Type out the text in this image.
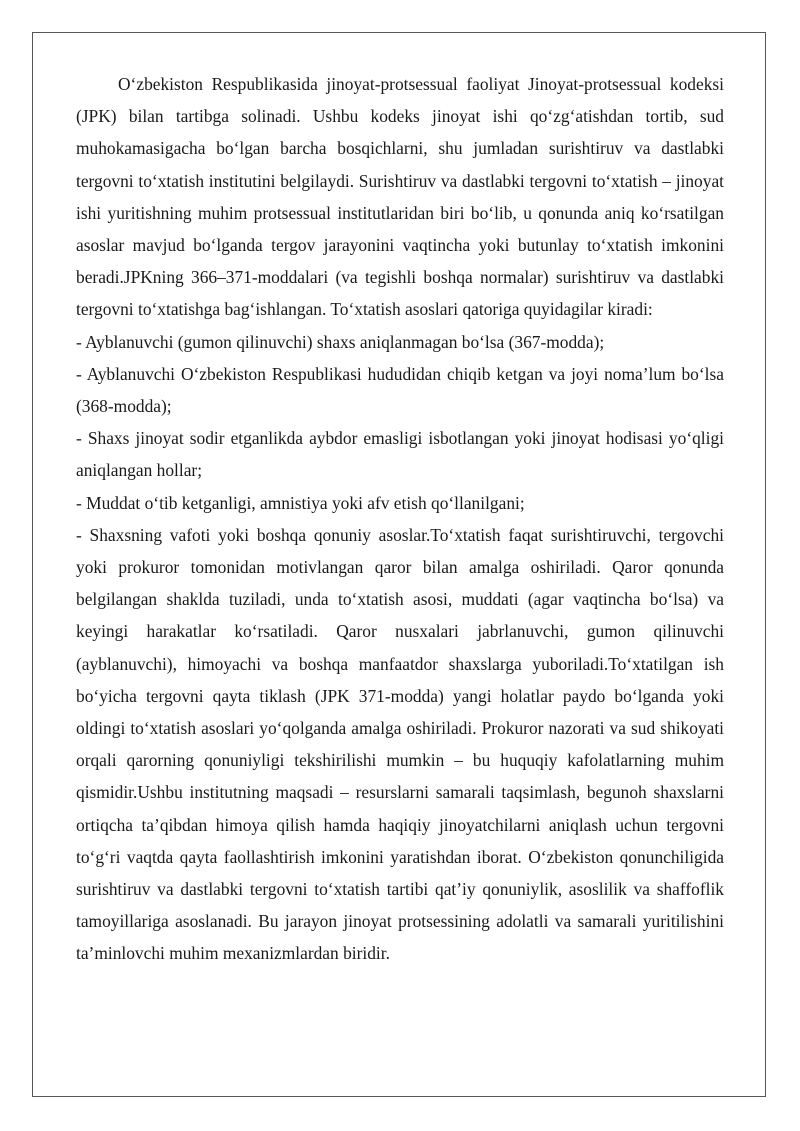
O‘zbekiston Respublikasida jinoyat-protsessual faoliyat Jinoyat-protsessual kodeksi (JPK) bilan tartibga solinadi. Ushbu kodeks jinoyat ishi qo‘zg‘atishdan tortib, sud muhokamasigacha bo‘lgan barcha bosqichlarni, shu jumladan surishtiruv va dastlabki tergovni to‘xtatish institutini belgilaydi. Surishtiruv va dastlabki tergovni to‘xtatish – jinoyat ishi yuritishning muhim protsessual institutlaridan biri bo‘lib, u qonunda aniq ko‘rsatilgan asoslar mavjud bo‘lganda tergov jarayonini vaqtincha yoki butunlay to‘xtatish imkonini beradi.JPKning 366–371-moddalari (va tegishli boshqa normalar) surishtiruv va dastlabki tergovni to‘xtatishga bag‘ishlangan. To‘xtatish asoslari qatoriga quyidagilar kiradi:

- Ayblanuvchi (gumon qilinuvchi) shaxs aniqlanmagan bo‘lsa (367-modda);

- Ayblanuvchi O‘zbekiston Respublikasi hududidan chiqib ketgan va joyi noma’lum bo‘lsa (368-modda);

- Shaxs jinoyat sodir etganlikda aybdor emasligi isbotlangan yoki jinoyat hodisasi yo‘qligi aniqlangan hollar;

- Muddat o‘tib ketganligi, amnistiya yoki afv etish qo‘llanilgani;

- Shaxsning vafoti yoki boshqa qonuniy asoslar.To‘xtatish faqat surishtiruvchi, tergovchi yoki prokuror tomonidan motivlangan qaror bilan amalga oshiriladi. Qaror qonunda belgilangan shaklda tuziladi, unda to‘xtatish asosi, muddati (agar vaqtincha bo‘lsa) va keyingi harakatlar ko‘rsatiladi. Qaror nusxalari jabrlanuvchi, gumon qilinuvchi (ayblanuvchi), himoyachi va boshqa manfaatdor shaxslarga yuboriladi.To‘xtatilgan ish bo‘yicha tergovni qayta tiklash (JPK 371-modda) yangi holatlar paydo bo‘lganda yoki oldingi to‘xtatish asoslari yo‘qolganda amalga oshiriladi. Prokuror nazorati va sud shikoyati orqali qarorning qonuniyligi tekshirilishi mumkin – bu huquqiy kafolatlarning muhim qismidir.Ushbu institutning maqsadi – resurslarni samarali taqsimlash, begunoh shaxslarni ortiqcha ta’qibdan himoya qilish hamda haqiqiy jinoyatchilarni aniqlash uchun tergovni to‘g‘ri vaqtda qayta faollashtirish imkonini yaratishdan iborat. O‘zbekiston qonunchiligida surishtiruv va dastlabki tergovni to‘xtatish tartibi qat’iy qonuniylik, asoslilik va shaffoflik tamoyillariga asoslanadi. Bu jarayon jinoyat protsessining adolatli va samarali yuritilishini ta’minlovchi muhim mexanizmlardan biridir.
